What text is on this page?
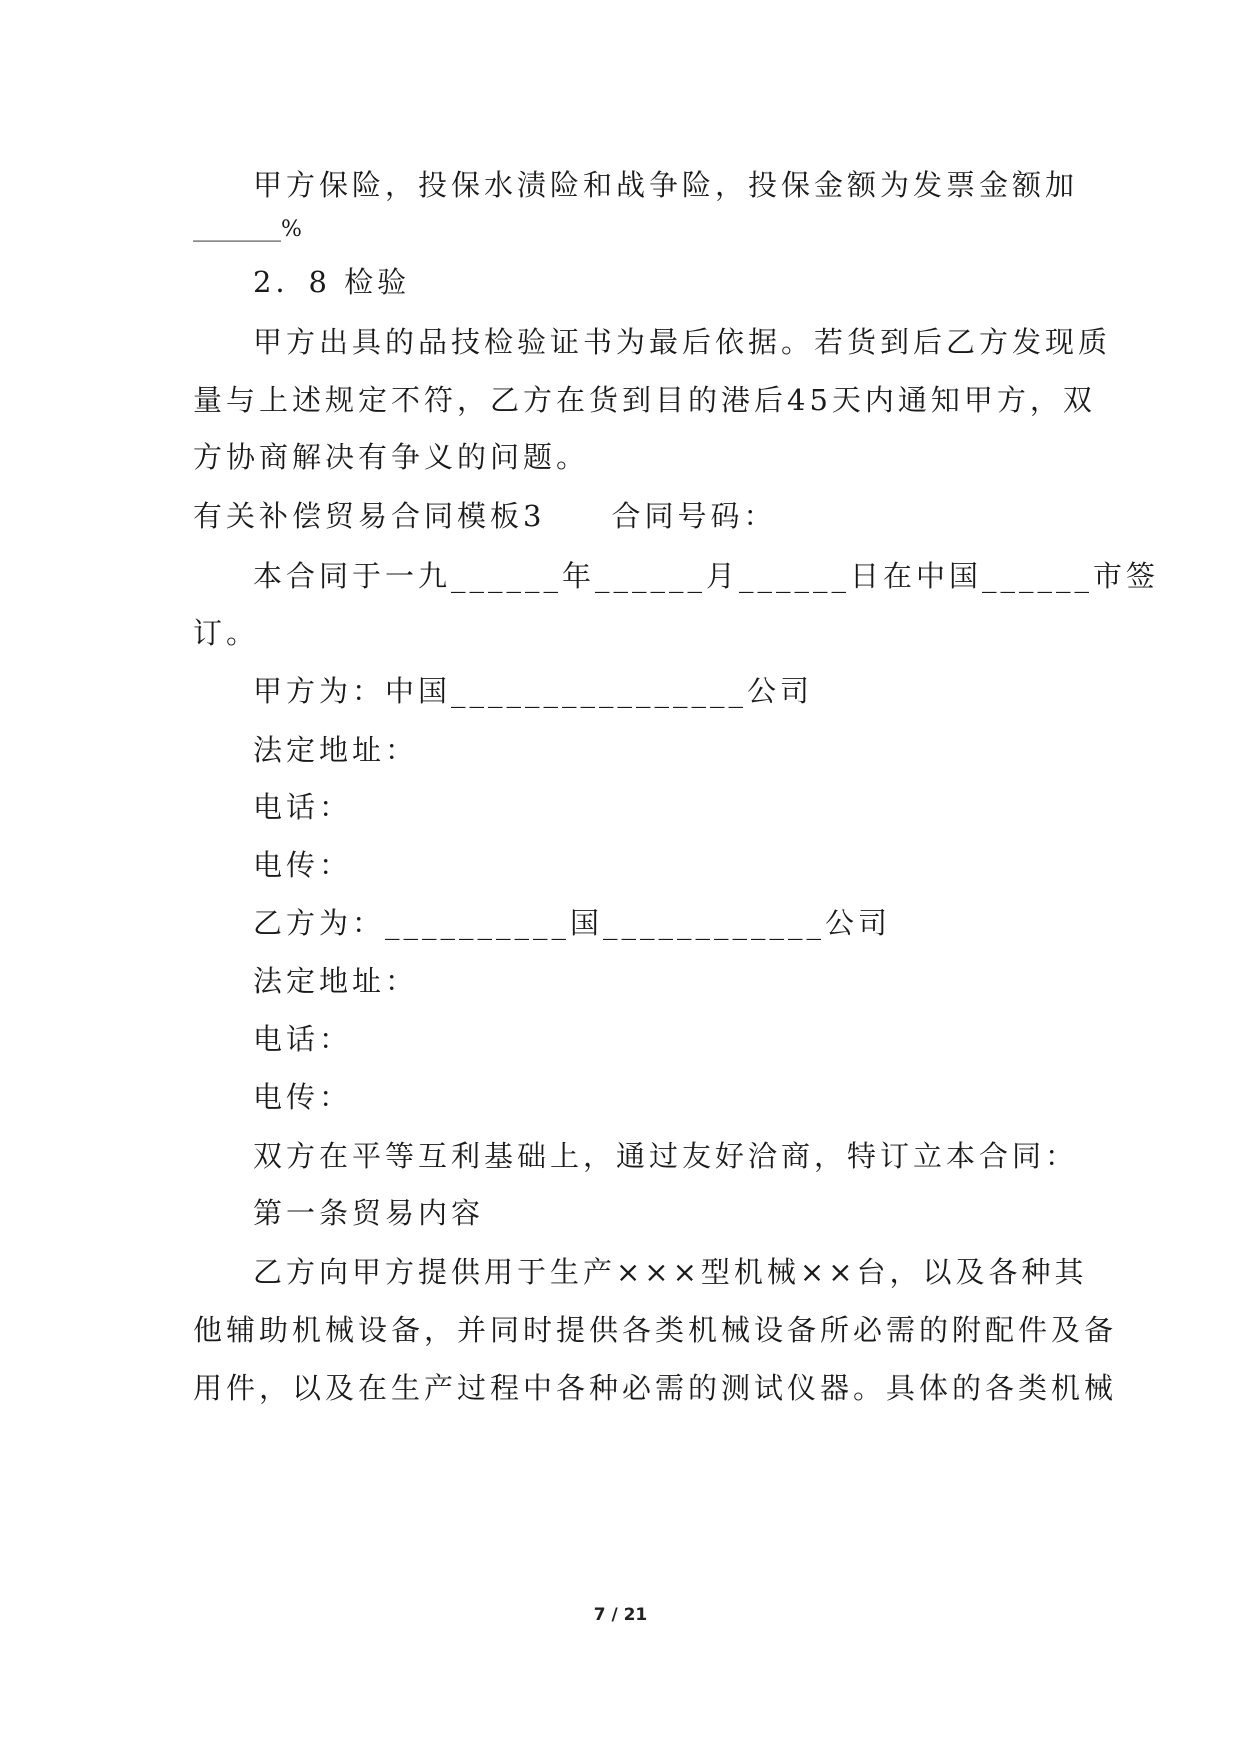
甲方保险，投保水渍险和战争险，投保金额为发票金额加
________%
2．8 检验
甲方出具的品技检验证书为最后依据。若货到后乙方发现质
量与上述规定不符，乙方在货到目的港后45天内通知甲方，双
方协商解决有争义的问题。
有关补偿贸易合同模板3　　合同号码：
本合同于一九______年______月______日在中国______市签
订。
甲方为：中国________________公司
法定地址：
电话：
电传：
乙方为：__________国____________公司
法定地址：
电话：
电传：
双方在平等互利基础上，通过友好洽商，特订立本合同：
第一条贸易内容
乙方向甲方提供用于生产×××型机械××台，以及各种其
他辅助机械设备，并同时提供各类机械设备所必需的附配件及备
用件，以及在生产过程中各种必需的测试仪器。具体的各类机械
7 / 21
